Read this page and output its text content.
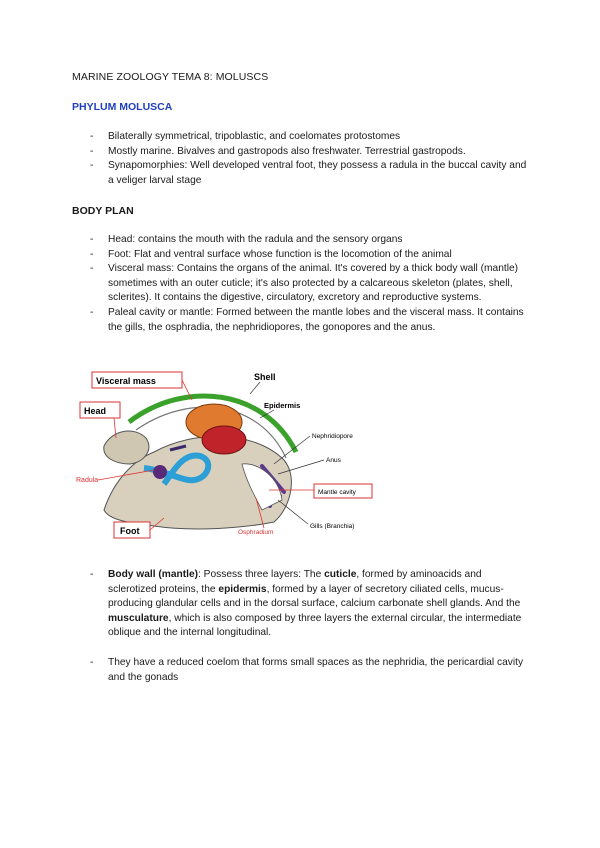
MARINE ZOOLOGY TEMA 8: MOLUSCS
PHYLUM MOLUSCA
- Bilaterally symmetrical, tripoblastic, and coelomates protostomes
- Mostly marine. Bivalves and gastropods also freshwater. Terrestrial gastropods.
- Synapomorphies: Well developed ventral foot, they possess a radula in the buccal cavity and a veliger larval stage
BODY PLAN
- Head: contains the mouth with the radula and the sensory organs
- Foot: Flat and ventral surface whose function is the locomotion of the animal
- Visceral mass: Contains the organs of the animal. It's covered by a thick body wall (mantle) sometimes with an outer cuticle; it's also protected by a calcareous skeleton (plates, shell, sclerites). It contains the digestive, circulatory, excretory and reproductive systems.
- Paleal cavity or mantle: Formed between the mantle lobes and the visceral mass. It contains the gills, the osphradia, the nephridiopores, the gonopores and the anus.
Visceral mass	Shell
Head
Epidermis
Nephridiopore
Anus
Radula
Mantle cavity
Foot	Osphradium
Gills (Branchia)
- Body wall (mantle): Possess three layers: The cuticle, formed by aminoacids and sclerotized proteins, the epidermis, formed by a layer of secretory ciliated cells, mucus-producing glandular cells and in the dorsal surface, calcium carbonate shell glands. And the musculature, which is also composed by three layers the external circular, the intermediate oblique and the internal longitudinal.
- They have a reduced coelom that forms small spaces as the nephridia, the pericardial cavity and the gonads
